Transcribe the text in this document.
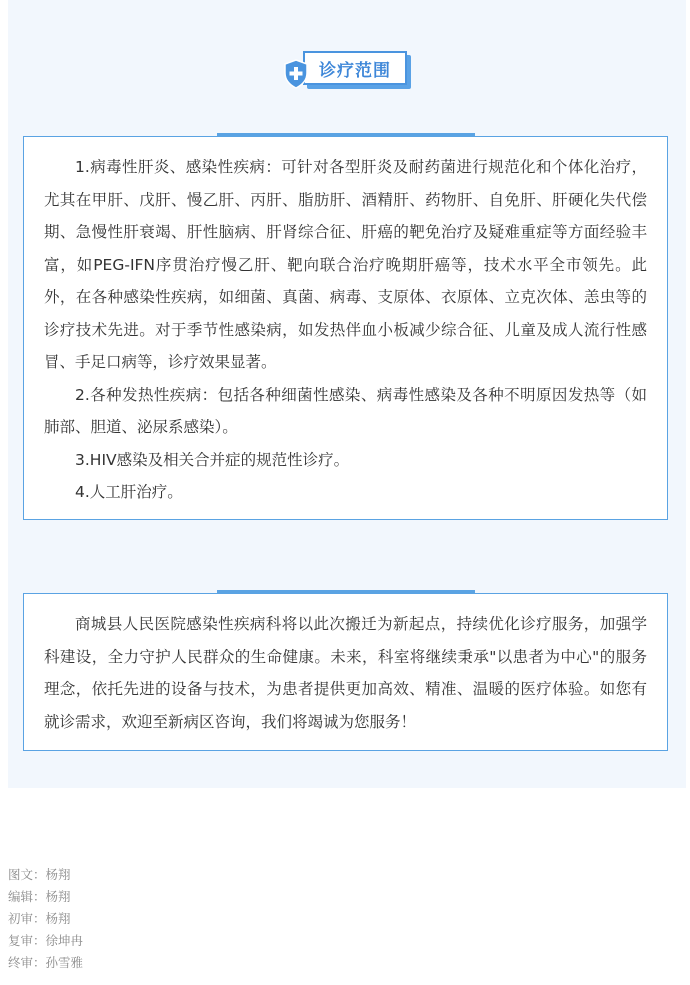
诊疗范围

1.病毒性肝炎、感染性疾病：可针对各型肝炎及耐药菌进行规范化和个体化治疗，尤其在甲肝、戊肝、慢乙肝、丙肝、脂肪肝、酒精肝、药物肝、自免肝、肝硬化失代偿期、急慢性肝衰竭、肝性脑病、肝肾综合征、肝癌的靶免治疗及疑难重症等方面经验丰富，如PEG-IFN序贯治疗慢乙肝、靶向联合治疗晚期肝癌等，技术水平全市领先。此外，在各种感染性疾病，如细菌、真菌、病毒、支原体、衣原体、立克次体、恙虫等的诊疗技术先进。对于季节性感染病，如发热伴血小板减少综合征、儿童及成人流行性感冒、手足口病等，诊疗效果显著。

2.各种发热性疾病：包括各种细菌性感染、病毒性感染及各种不明原因发热等（如肺部、胆道、泌尿系感染）。

3.HIV感染及相关合并症的规范性诊疗。

4.人工肝治疗。

商城县人民医院感染性疾病科将以此次搬迁为新起点，持续优化诊疗服务，加强学科建设，全力守护人民群众的生命健康。未来，科室将继续秉承"以患者为中心"的服务理念，依托先进的设备与技术，为患者提供更加高效、精准、温暖的医疗体验。如您有就诊需求，欢迎至新病区咨询，我们将竭诚为您服务！

图文：杨翔
编辑：杨翔
初审：杨翔
复审：徐坤冉
终审：孙雪雅
